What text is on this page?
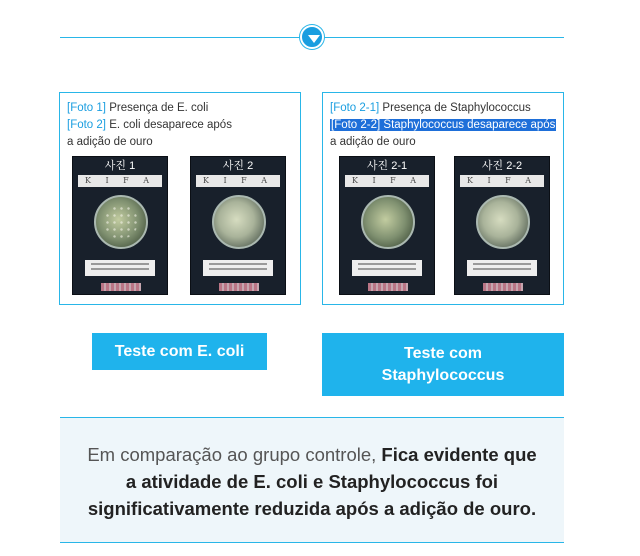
[Foto 1] Presença de E. coli
[Foto 2] E. coli desaparece após
a adição de ouro
사진 1
K I F A
사진 2
K I F A
[Foto 2-1] Presença de Staphylococcus
[Foto 2-2] Staphylococcus desaparece após
a adição de ouro
사진 2-1
K I F A
사진 2-2
K I F A
Teste com E. coli	Teste com
Staphylococcus
Em comparação ao grupo controle, Fica evidente que
a atividade de E. coli e Staphylococcus foi
significativamente reduzida após a adição de ouro.
